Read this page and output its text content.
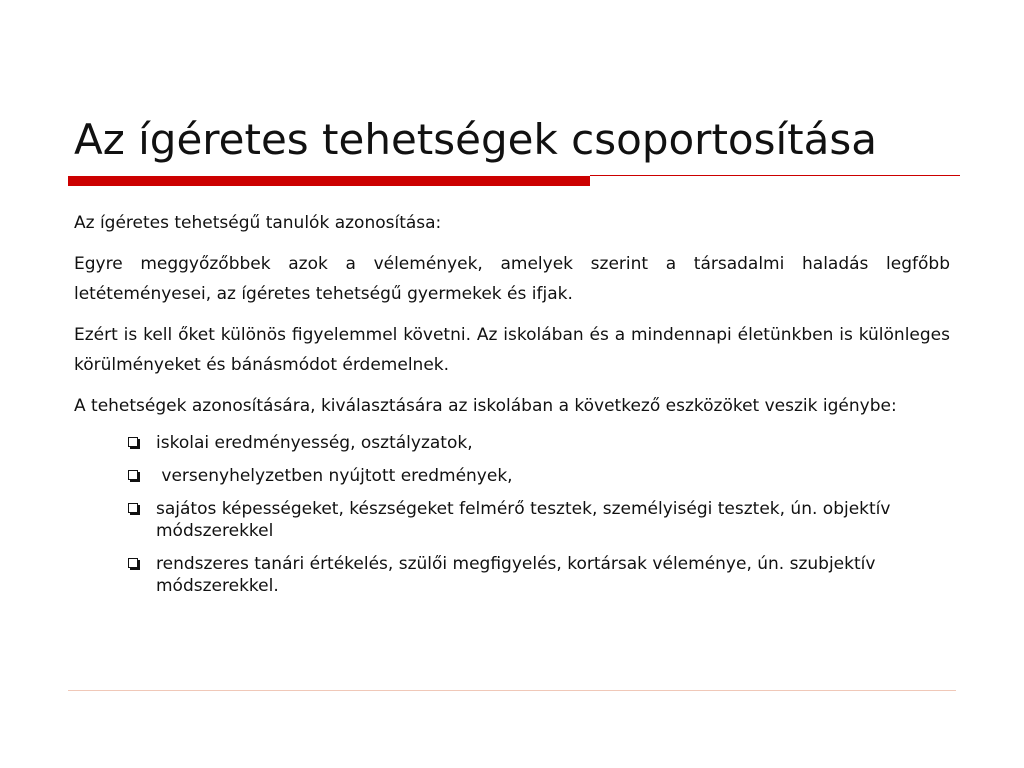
Az ígéretes tehetségek csoportosítása

Az ígéretes tehetségű tanulók azonosítása:

Egyre meggyőzőbbek azok a vélemények, amelyek szerint a társadalmi haladás legfőbb letéteményesei, az ígéretes tehetségű gyermekek és ifjak.

Ezért is kell őket különös figyelemmel követni. Az iskolában és a mindennapi életünkben is különleges körülményeket és bánásmódot érdemelnek.

A tehetségek azonosítására, kiválasztására az iskolában a következő eszközöket veszik igénybe:

iskolai eredményesség, osztályzatok,
versenyhelyzetben nyújtott eredmények,
sajátos képességeket, készségeket felmérő tesztek, személyiségi tesztek, ún. objektív módszerekkel
rendszeres tanári értékelés, szülői megfigyelés, kortársak véleménye, ún. szubjektív módszerekkel.
